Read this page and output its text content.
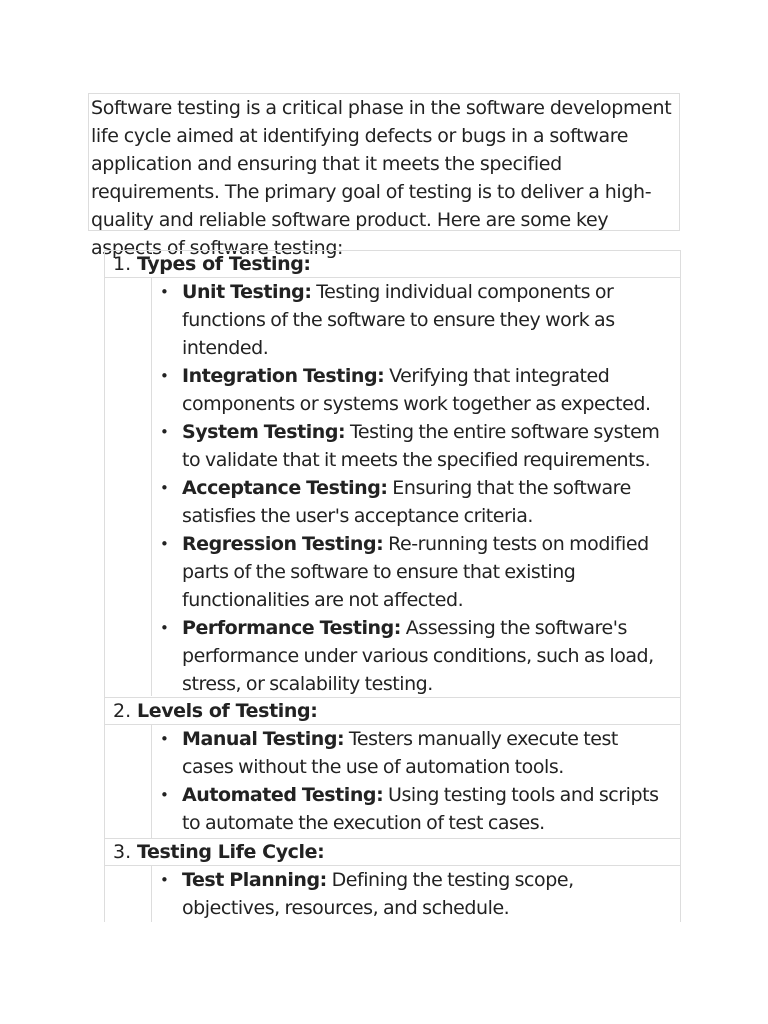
Software testing is a critical phase in the software development life cycle aimed at identifying defects or bugs in a software application and ensuring that it meets the specified requirements. The primary goal of testing is to deliver a high-quality and reliable software product. Here are some key aspects of software testing:

1. Types of Testing:
• Unit Testing: Testing individual components or functions of the software to ensure they work as intended.
• Integration Testing: Verifying that integrated components or systems work together as expected.
• System Testing: Testing the entire software system to validate that it meets the specified requirements.
• Acceptance Testing: Ensuring that the software satisfies the user's acceptance criteria.
• Regression Testing: Re-running tests on modified parts of the software to ensure that existing functionalities are not affected.
• Performance Testing: Assessing the software's performance under various conditions, such as load, stress, or scalability testing.
2. Levels of Testing:
• Manual Testing: Testers manually execute test cases without the use of automation tools.
• Automated Testing: Using testing tools and scripts to automate the execution of test cases.
3. Testing Life Cycle:
• Test Planning: Defining the testing scope, objectives, resources, and schedule.
